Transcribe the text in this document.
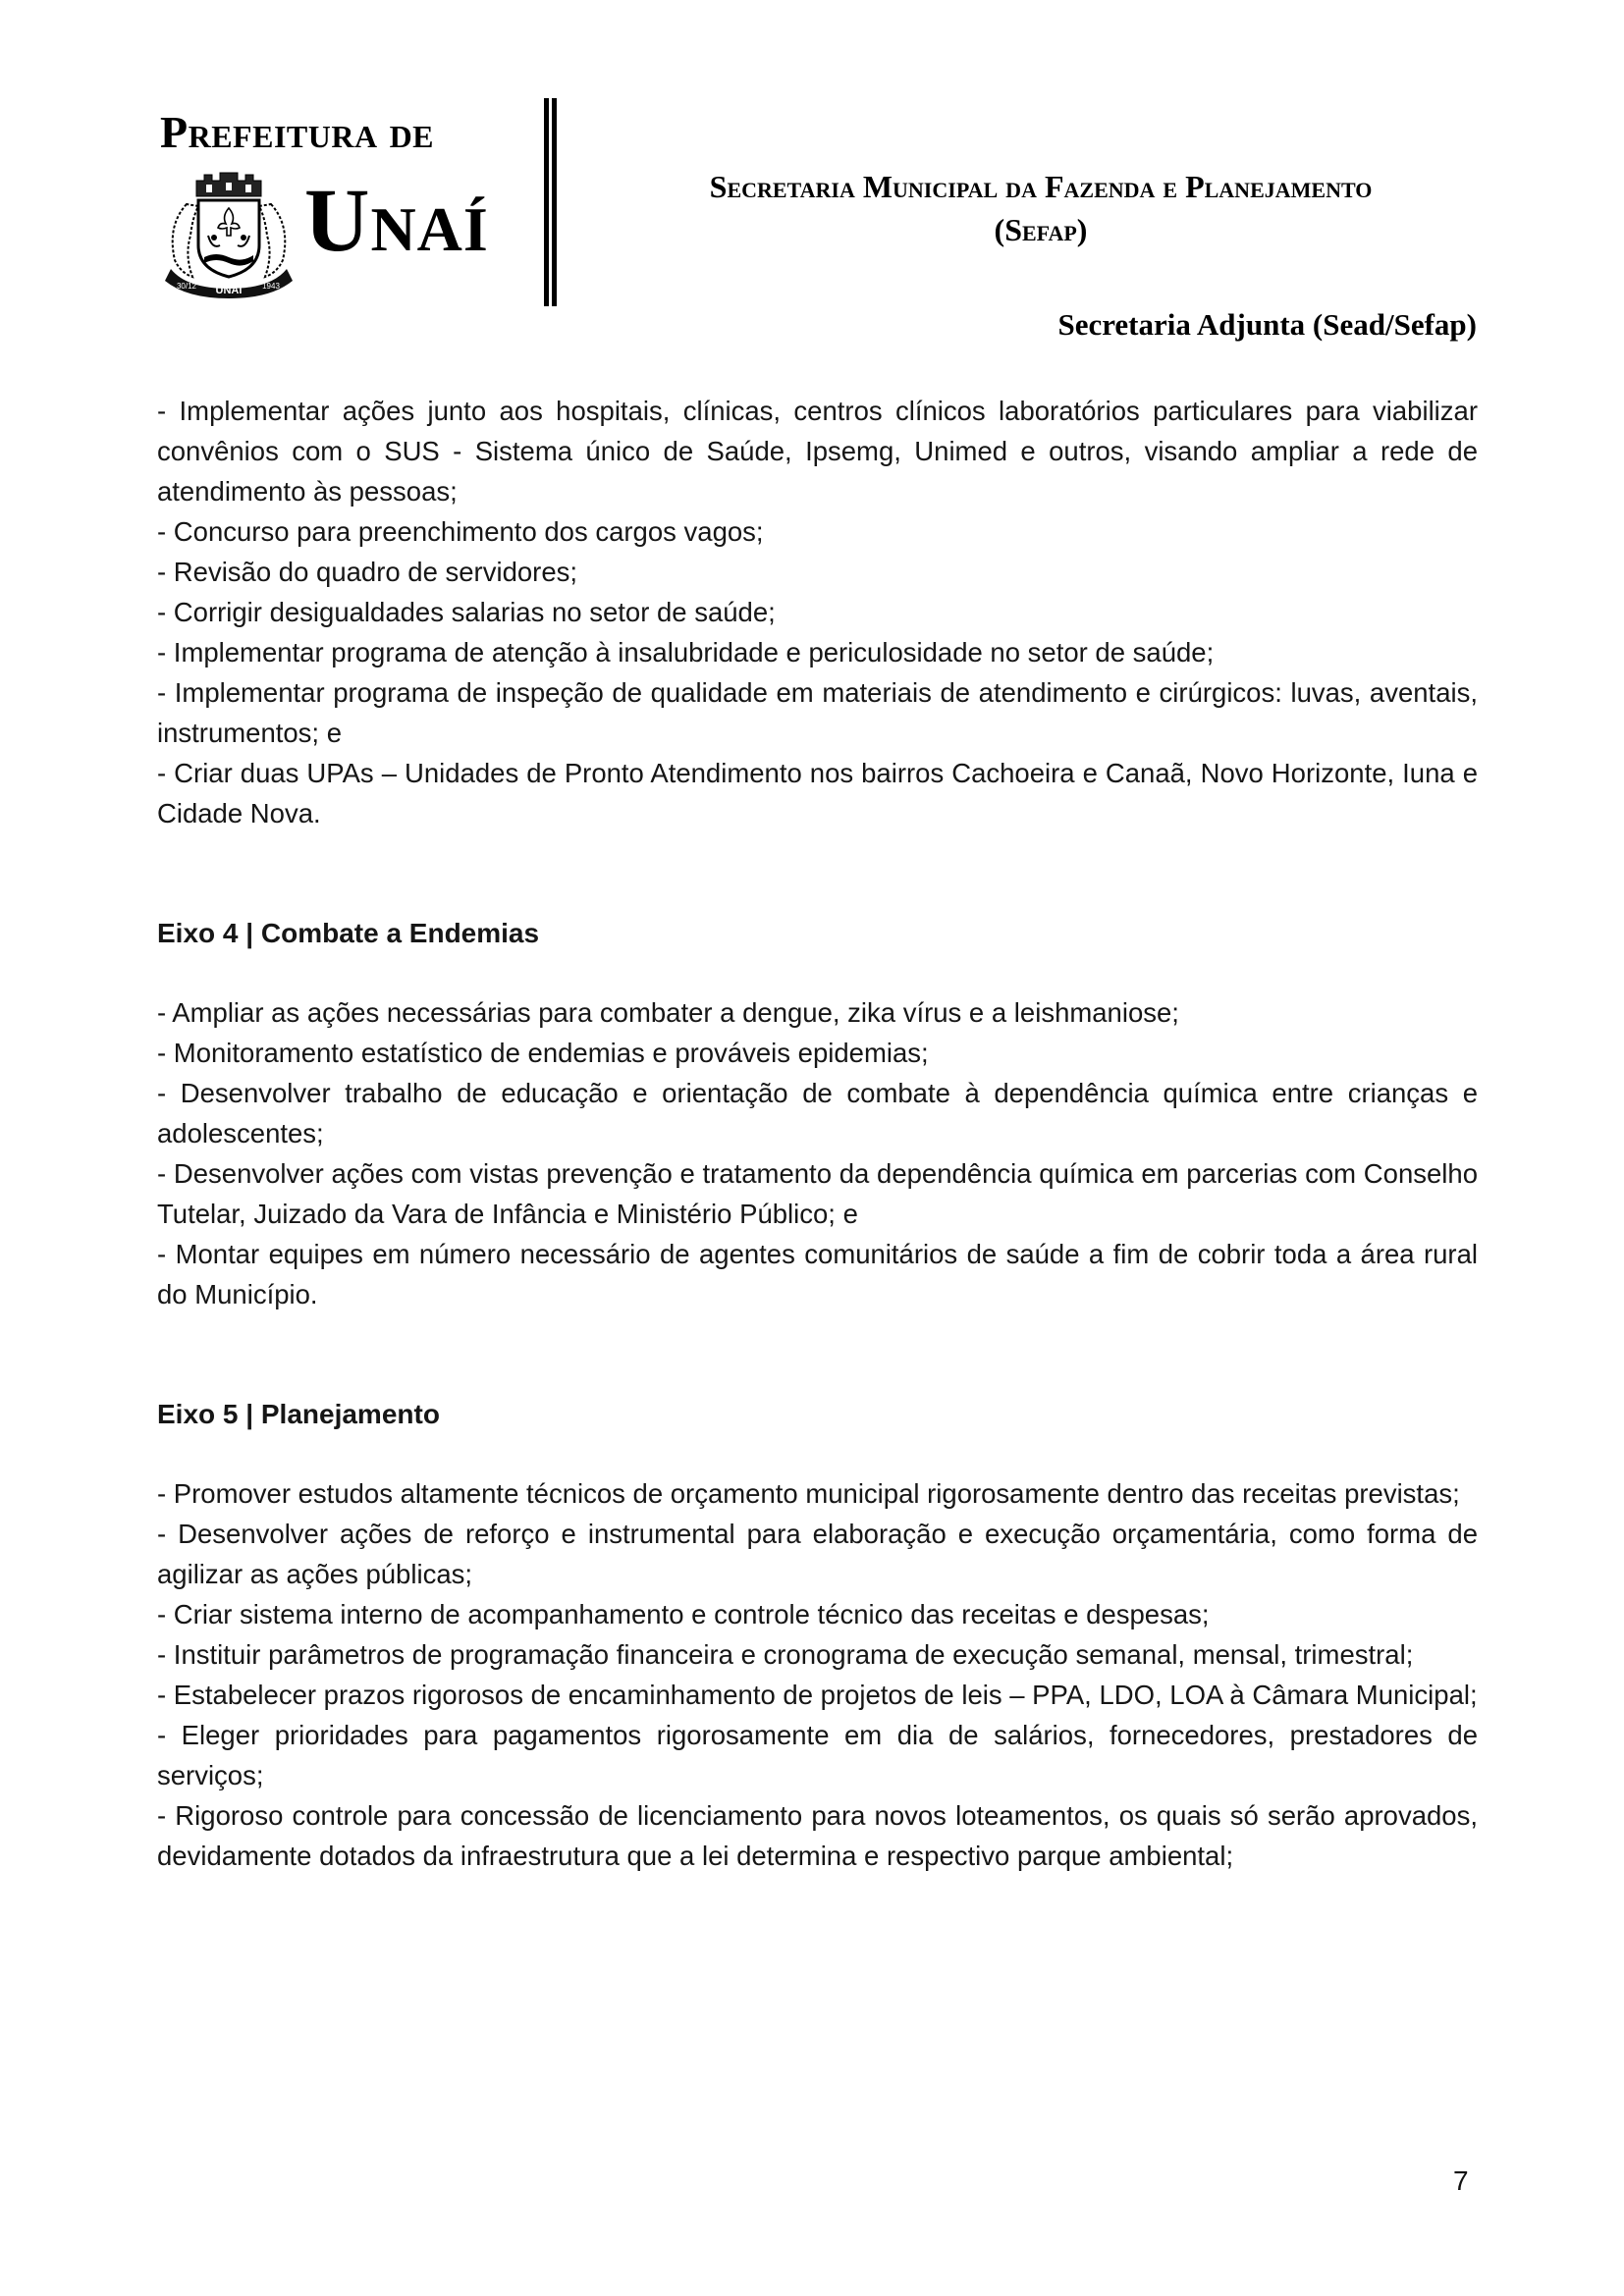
Prefeitura de
UNAÍ
30/12	1943
Unaí	Secretaria Municipal da Fazenda e Planejamento
(Sefap)
Secretaria Adjunta (Sead/Sefap)

- Implementar ações junto aos hospitais, clínicas, centros clínicos laboratórios particulares para viabilizar convênios com o SUS - Sistema único de Saúde, Ipsemg, Unimed e outros, visando ampliar a rede de atendimento às pessoas;

- Concurso para preenchimento dos cargos vagos;

- Revisão do quadro de servidores;

- Corrigir desigualdades salarias no setor de saúde;

- Implementar programa de atenção à insalubridade e periculosidade no setor de saúde;

- Implementar programa de inspeção de qualidade em materiais de atendimento e cirúrgicos: luvas, aventais, instrumentos; e

- Criar duas UPAs – Unidades de Pronto Atendimento nos bairros Cachoeira e Canaã, Novo Horizonte, Iuna e Cidade Nova.

Eixo 4 | Combate a Endemias

- Ampliar as ações necessárias para combater a dengue, zika vírus e a leishmaniose;

- Monitoramento estatístico de endemias e prováveis epidemias;

- Desenvolver trabalho de educação e orientação de combate à dependência química entre crianças e adolescentes;

- Desenvolver ações com vistas prevenção e tratamento da dependência química em parcerias com Conselho Tutelar, Juizado da Vara de Infância e Ministério Público; e

- Montar equipes em número necessário de agentes comunitários de saúde a fim de cobrir toda a área rural do Município.

Eixo 5 | Planejamento

- Promover estudos altamente técnicos de orçamento municipal rigorosamente dentro das receitas previstas;

- Desenvolver ações de reforço e instrumental para elaboração e execução orçamentária, como forma de agilizar as ações públicas;

- Criar sistema interno de acompanhamento e controle técnico das receitas e despesas;

- Instituir parâmetros de programação financeira e cronograma de execução semanal, mensal, trimestral;

- Estabelecer prazos rigorosos de encaminhamento de projetos de leis – PPA, LDO, LOA à Câmara Municipal;

- Eleger prioridades para pagamentos rigorosamente em dia de salários, fornecedores, prestadores de serviços;

- Rigoroso controle para concessão de licenciamento para novos loteamentos, os quais só serão aprovados, devidamente dotados da infraestrutura que a lei determina e respectivo parque ambiental;

7
